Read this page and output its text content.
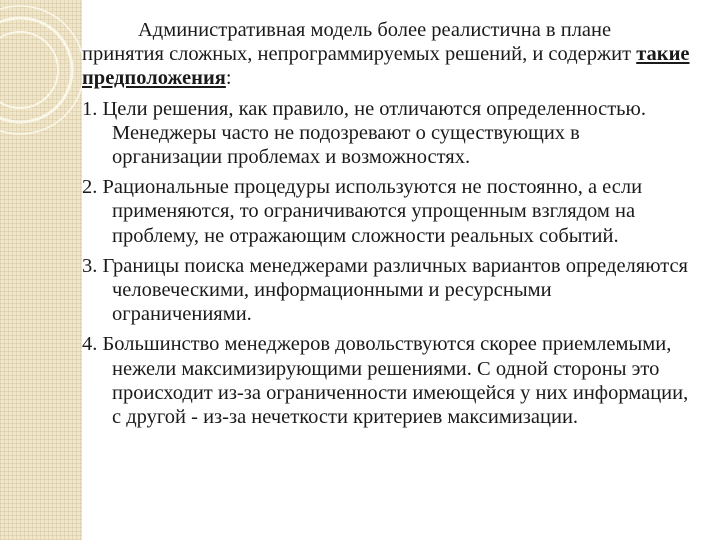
Административная модель более реалистична в плане принятия сложных, непрограммируемых решений, и содержит такие предположения:

1. Цели решения, как правило, не отличаются определенностью. Менеджеры часто не подозревают о существующих в организации проблемах и возможностях.
2. Рациональные процедуры используются не постоянно, а если применяются, то ограничиваются упрощенным взглядом на проблему, не отражающим сложности реальных событий.
3. Границы поиска менеджерами различных вариантов определяются человеческими, информационными и ресурсными ограничениями.
4. Большинство менеджеров довольствуются скорее приемлемыми, нежели максимизирующими решениями. С одной стороны это происходит из-за ограниченности имеющейся у них информации, с другой - из-за нечеткости критериев максимизации.
